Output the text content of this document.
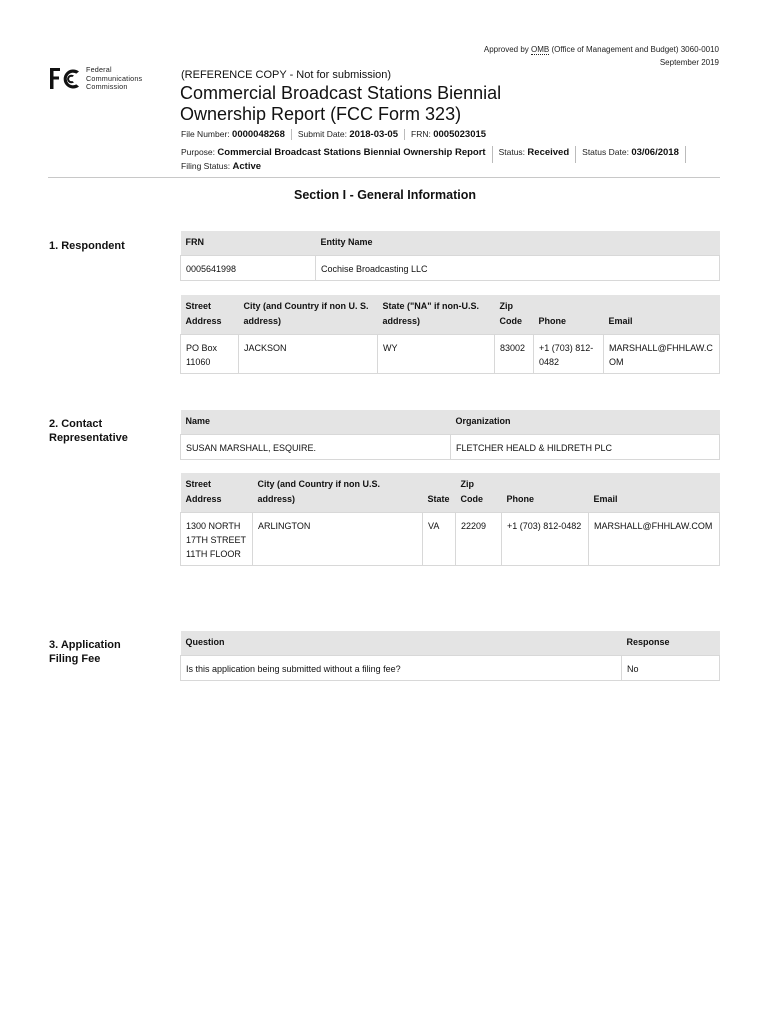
Approved by OMB (Office of Management and Budget) 3060-0010
September 2019
Federal
Communications
Commission
(REFERENCE COPY - Not for submission)
Commercial Broadcast Stations Biennial Ownership Report (FCC Form 323)
File Number: 0000048268 Submit Date: 2018-03-05 FRN: 0005023015
Purpose: Commercial Broadcast Stations Biennial Ownership Report Status: Received Status Date: 03/06/2018
Filing Status: Active
Section I - General Information
1. Respondent	FRN	Entity Name
0005641998	Cochise Broadcasting LLC
Street Address	City (and Country if non U. S. address)	State ("NA" if non-U.S. address)	Zip Code	Phone	Email
PO Box 11060	JACKSON	WY	83002	+1 (703) 812-0482	MARSHALL@FHHLAW.COM
2. Contact Representative
Name	Organization
SUSAN MARSHALL, ESQUIRE.	FLETCHER HEALD & HILDRETH PLC
Street Address	City (and Country if non U.S. address)	State	Zip Code	Phone	Email
1300 NORTH 17TH STREET 11TH FLOOR	ARLINGTON	VA	22209	+1 (703) 812-0482	MARSHALL@FHHLAW.COM
3. Application Filing Fee
Question	Response
Is this application being submitted without a filing fee?	No
